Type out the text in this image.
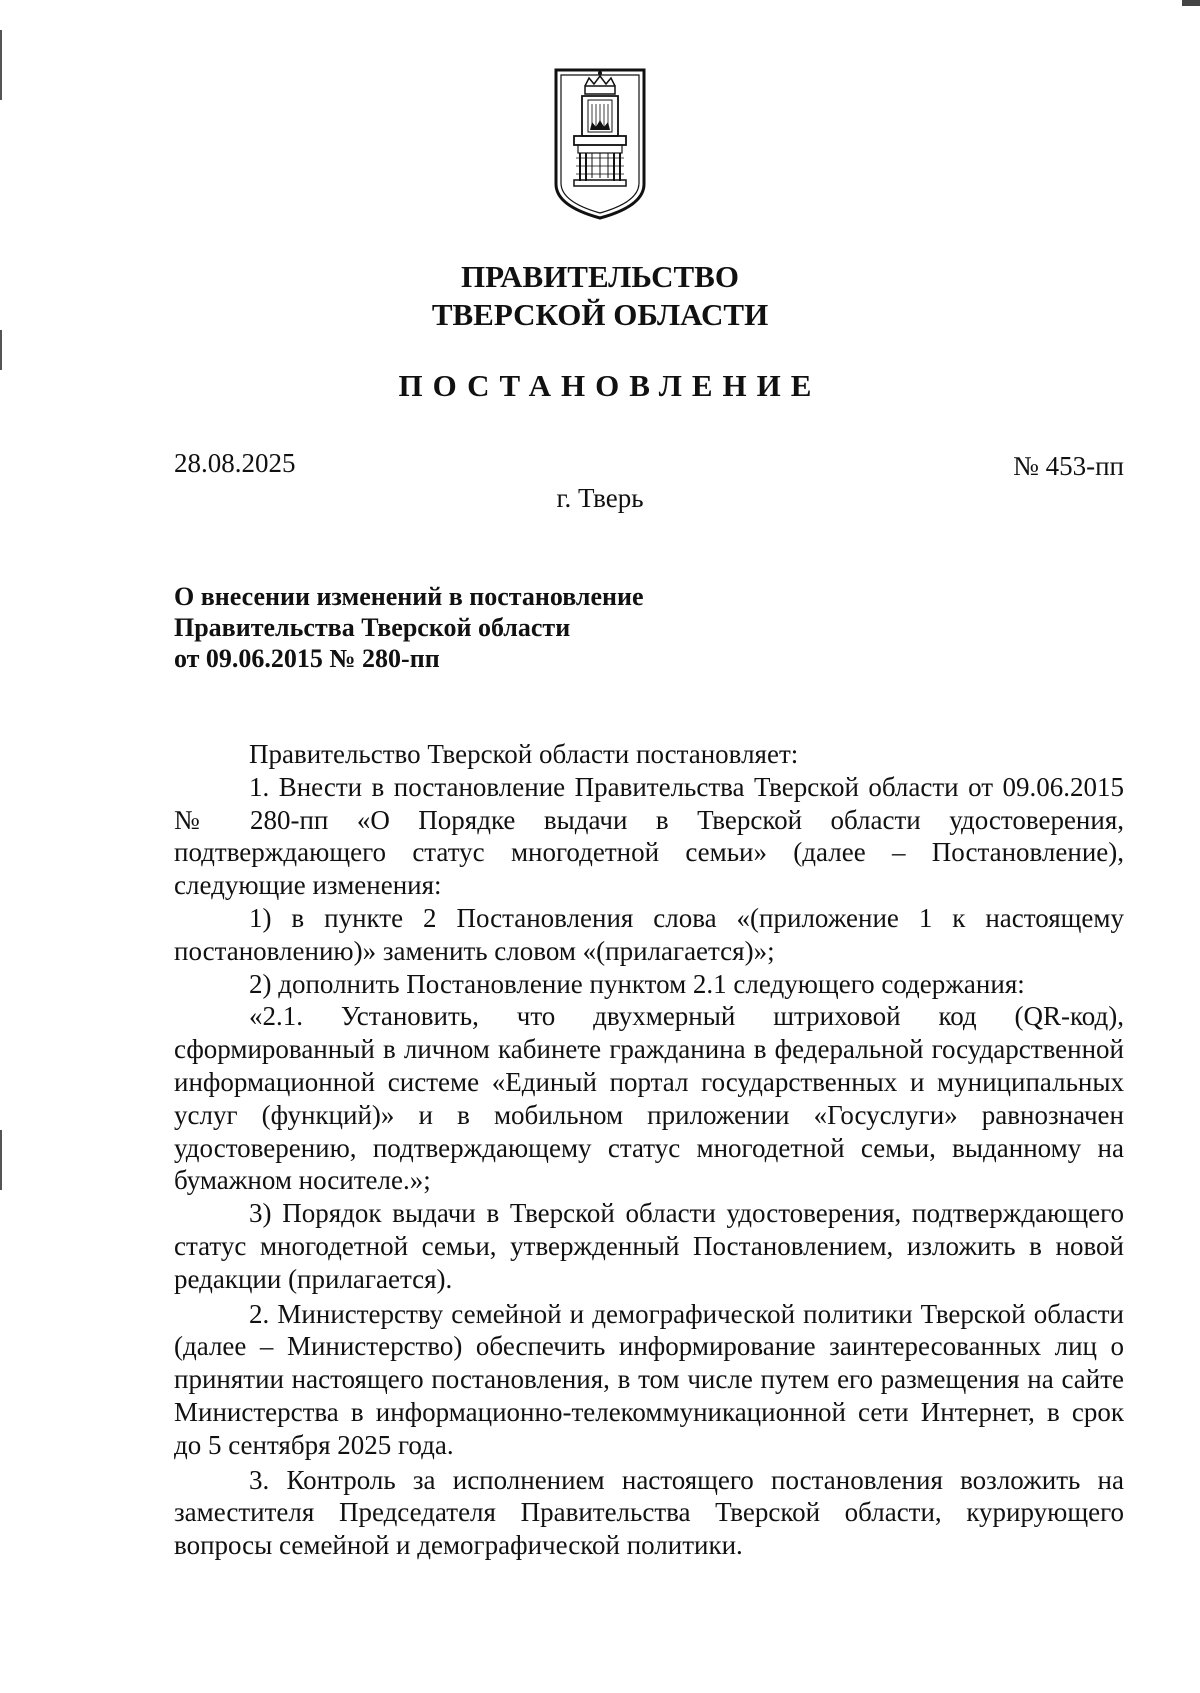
ПРАВИТЕЛЬСТВО
ТВЕРСКОЙ ОБЛАСТИ
ПОСТАНОВЛЕНИЕ
28.08.2025	№ 453-пп
г. Тверь
О внесении изменений в постановление
Правительства Тверской области
от 09.06.2015 № 280-пп

Правительство Тверской области постановляет:

1. Внести в постановление Правительства Тверской области от 09.06.2015 № 280-пп «О Порядке выдачи в Тверской области удостоверения, подтверждающего статус многодетной семьи» (далее – Постановление), следующие изменения:

1) в пункте 2 Постановления слова «(приложение 1 к настоящему постановлению)» заменить словом «(прилагается)»;

2) дополнить Постановление пунктом 2.1 следующего содержания:

«2.1. Установить, что двухмерный штриховой код (QR-код), сформированный в личном кабинете гражданина в федеральной государственной информационной системе «Единый портал государственных и муниципальных услуг (функций)» и в мобильном приложении «Госуслуги» равнозначен удостоверению, подтверждающему статус многодетной семьи, выданному на бумажном носителе.»;

3) Порядок выдачи в Тверской области удостоверения, подтверждающего статус многодетной семьи, утвержденный Постановлением, изложить в новой редакции (прилагается).

2. Министерству семейной и демографической политики Тверской области (далее – Министерство) обеспечить информирование заинтересованных лиц о принятии настоящего постановления, в том числе путем его размещения на сайте Министерства в информационно-телекоммуникационной сети Интернет, в срок до 5 сентября 2025 года.

3. Контроль за исполнением настоящего постановления возложить на заместителя Председателя Правительства Тверской области, курирующего вопросы семейной и демографической политики.
